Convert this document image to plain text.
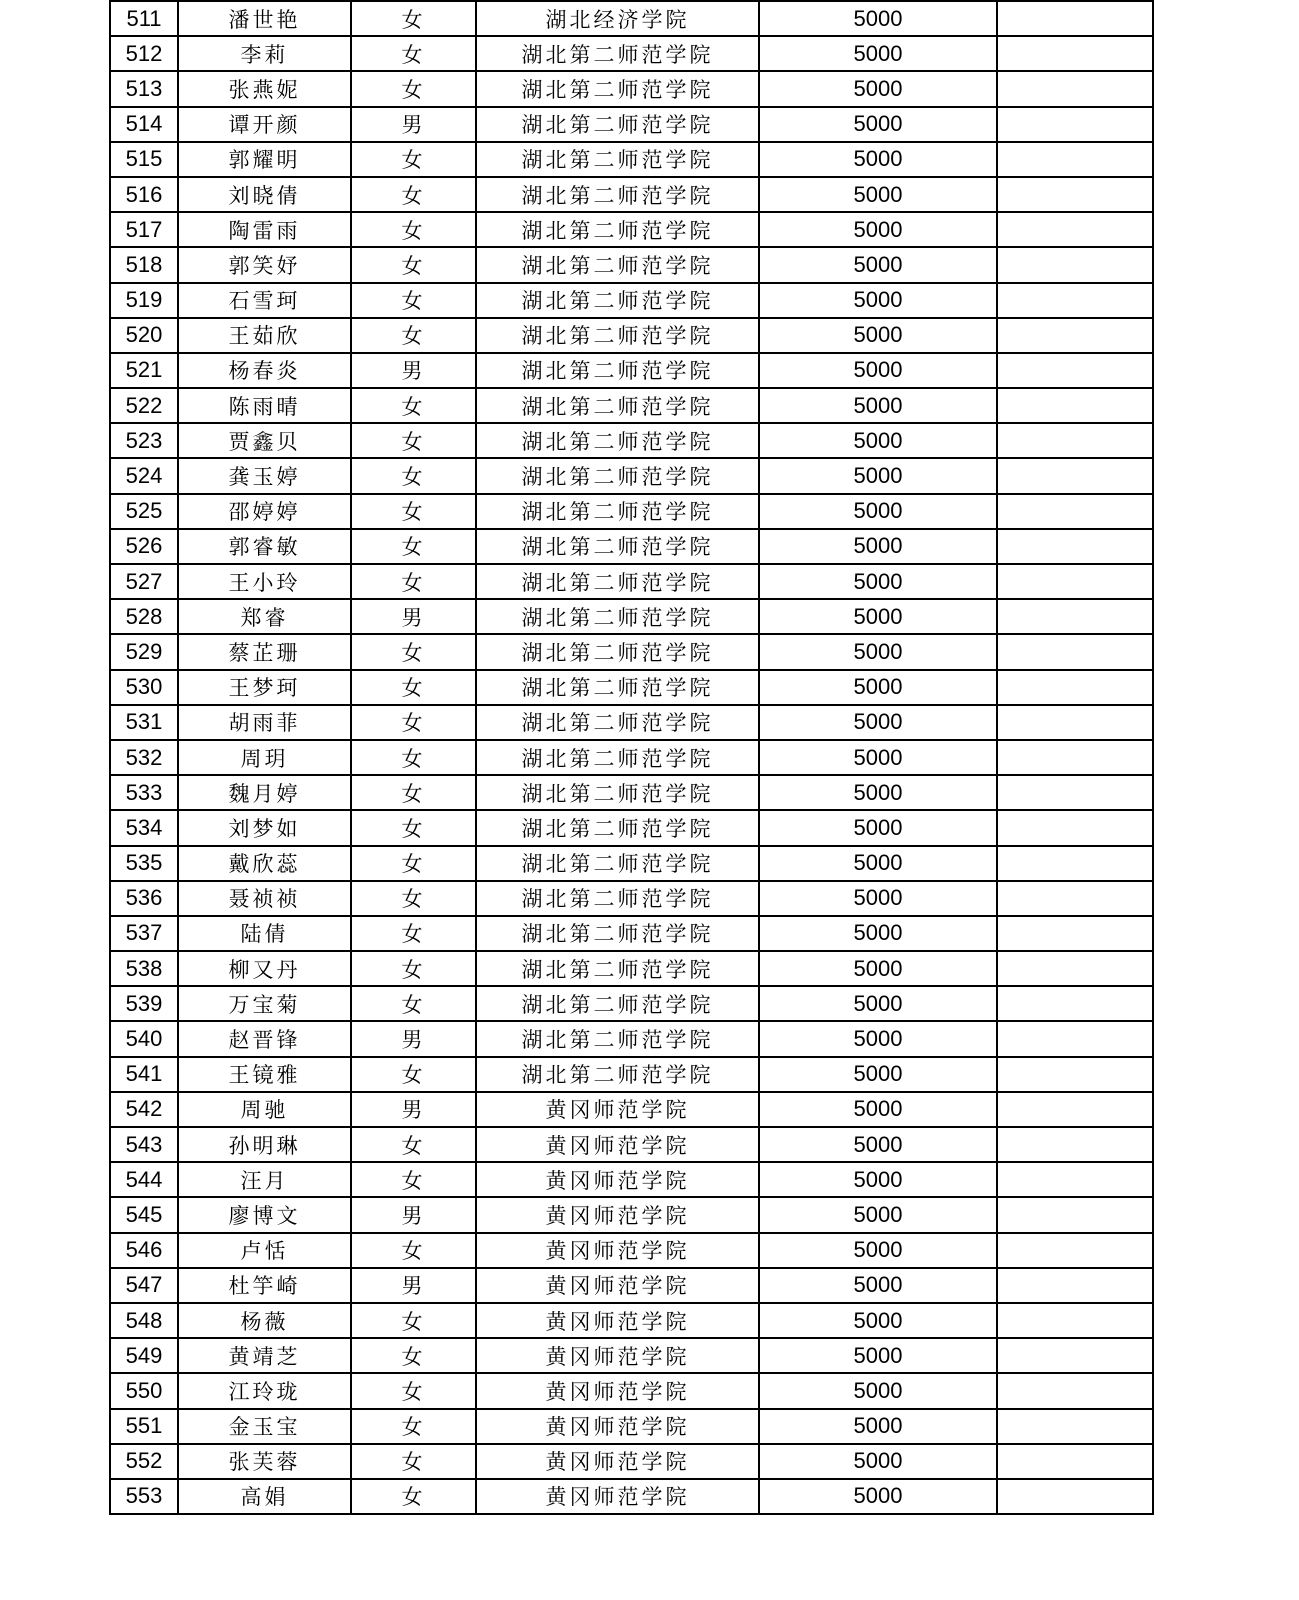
511	潘世艳	女	湖北经济学院	5000	
512	李莉	女	湖北第二师范学院	5000	
513	张燕妮	女	湖北第二师范学院	5000	
514	谭开颜	男	湖北第二师范学院	5000	
515	郭耀明	女	湖北第二师范学院	5000	
516	刘晓倩	女	湖北第二师范学院	5000	
517	陶雷雨	女	湖北第二师范学院	5000	
518	郭笑妤	女	湖北第二师范学院	5000	
519	石雪珂	女	湖北第二师范学院	5000	
520	王茹欣	女	湖北第二师范学院	5000	
521	杨春炎	男	湖北第二师范学院	5000	
522	陈雨晴	女	湖北第二师范学院	5000	
523	贾鑫贝	女	湖北第二师范学院	5000	
524	龚玉婷	女	湖北第二师范学院	5000	
525	邵婷婷	女	湖北第二师范学院	5000	
526	郭睿敏	女	湖北第二师范学院	5000	
527	王小玲	女	湖北第二师范学院	5000	
528	郑睿	男	湖北第二师范学院	5000	
529	蔡芷珊	女	湖北第二师范学院	5000	
530	王梦珂	女	湖北第二师范学院	5000	
531	胡雨菲	女	湖北第二师范学院	5000	
532	周玥	女	湖北第二师范学院	5000	
533	魏月婷	女	湖北第二师范学院	5000	
534	刘梦如	女	湖北第二师范学院	5000	
535	戴欣蕊	女	湖北第二师范学院	5000	
536	聂祯祯	女	湖北第二师范学院	5000	
537	陆倩	女	湖北第二师范学院	5000	
538	柳又丹	女	湖北第二师范学院	5000	
539	万宝菊	女	湖北第二师范学院	5000	
540	赵晋锋	男	湖北第二师范学院	5000	
541	王镜雅	女	湖北第二师范学院	5000	
542	周驰	男	黄冈师范学院	5000	
543	孙明琳	女	黄冈师范学院	5000	
544	汪月	女	黄冈师范学院	5000	
545	廖博文	男	黄冈师范学院	5000	
546	卢恬	女	黄冈师范学院	5000	
547	杜竽崎	男	黄冈师范学院	5000	
548	杨薇	女	黄冈师范学院	5000	
549	黄靖芝	女	黄冈师范学院	5000	
550	江玲珑	女	黄冈师范学院	5000	
551	金玉宝	女	黄冈师范学院	5000	
552	张芙蓉	女	黄冈师范学院	5000	
553	高娟	女	黄冈师范学院	5000	
